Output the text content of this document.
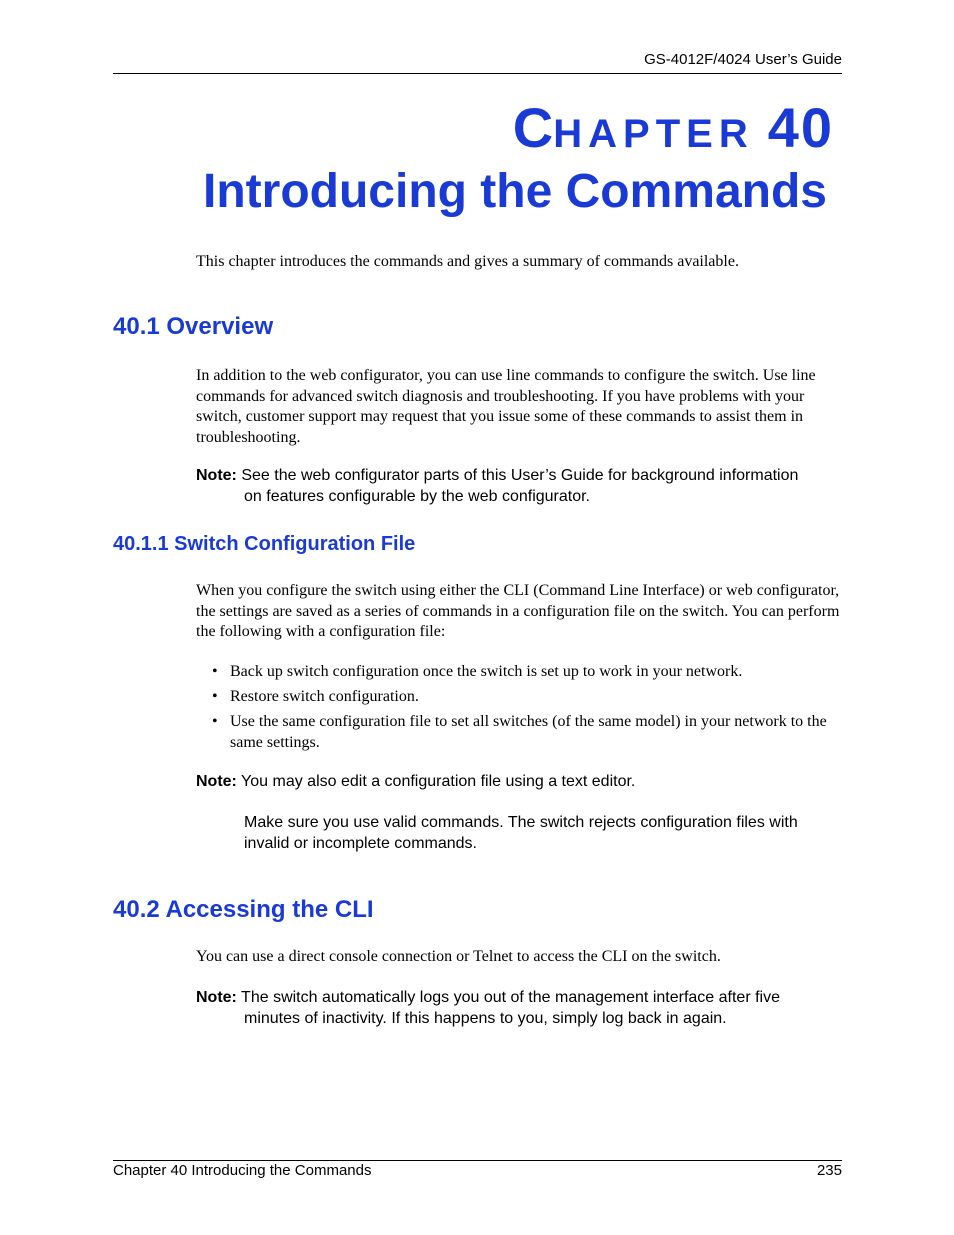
GS-4012F/4024 User’s Guide
CHAPTER 40
Introducing the Commands
This chapter introduces the commands and gives a summary of commands available.
40.1 Overview
In addition to the web configurator, you can use line commands to configure the switch. Use line commands for advanced switch diagnosis and troubleshooting. If you have problems with your switch, customer support may request that you issue some of these commands to assist them in troubleshooting.
Note: See the web configurator parts of this User’s Guide for background information
on features configurable by the web configurator.
40.1.1 Switch Configuration File
When you configure the switch using either the CLI (Command Line Interface) or web configurator, the settings are saved as a series of commands in a configuration file on the switch. You can perform the following with a configuration file:
• Back up switch configuration once the switch is set up to work in your network.
• Restore switch configuration.
• Use the same configuration file to set all switches (of the same model) in your network to the same settings.
Note: You may also edit a configuration file using a text editor.
Make sure you use valid commands. The switch rejects configuration files with invalid or incomplete commands.
40.2 Accessing the CLI
You can use a direct console connection or Telnet to access the CLI on the switch.
Note: The switch automatically logs you out of the management interface after five
minutes of inactivity. If this happens to you, simply log back in again.
Chapter 40 Introducing the Commands	235
